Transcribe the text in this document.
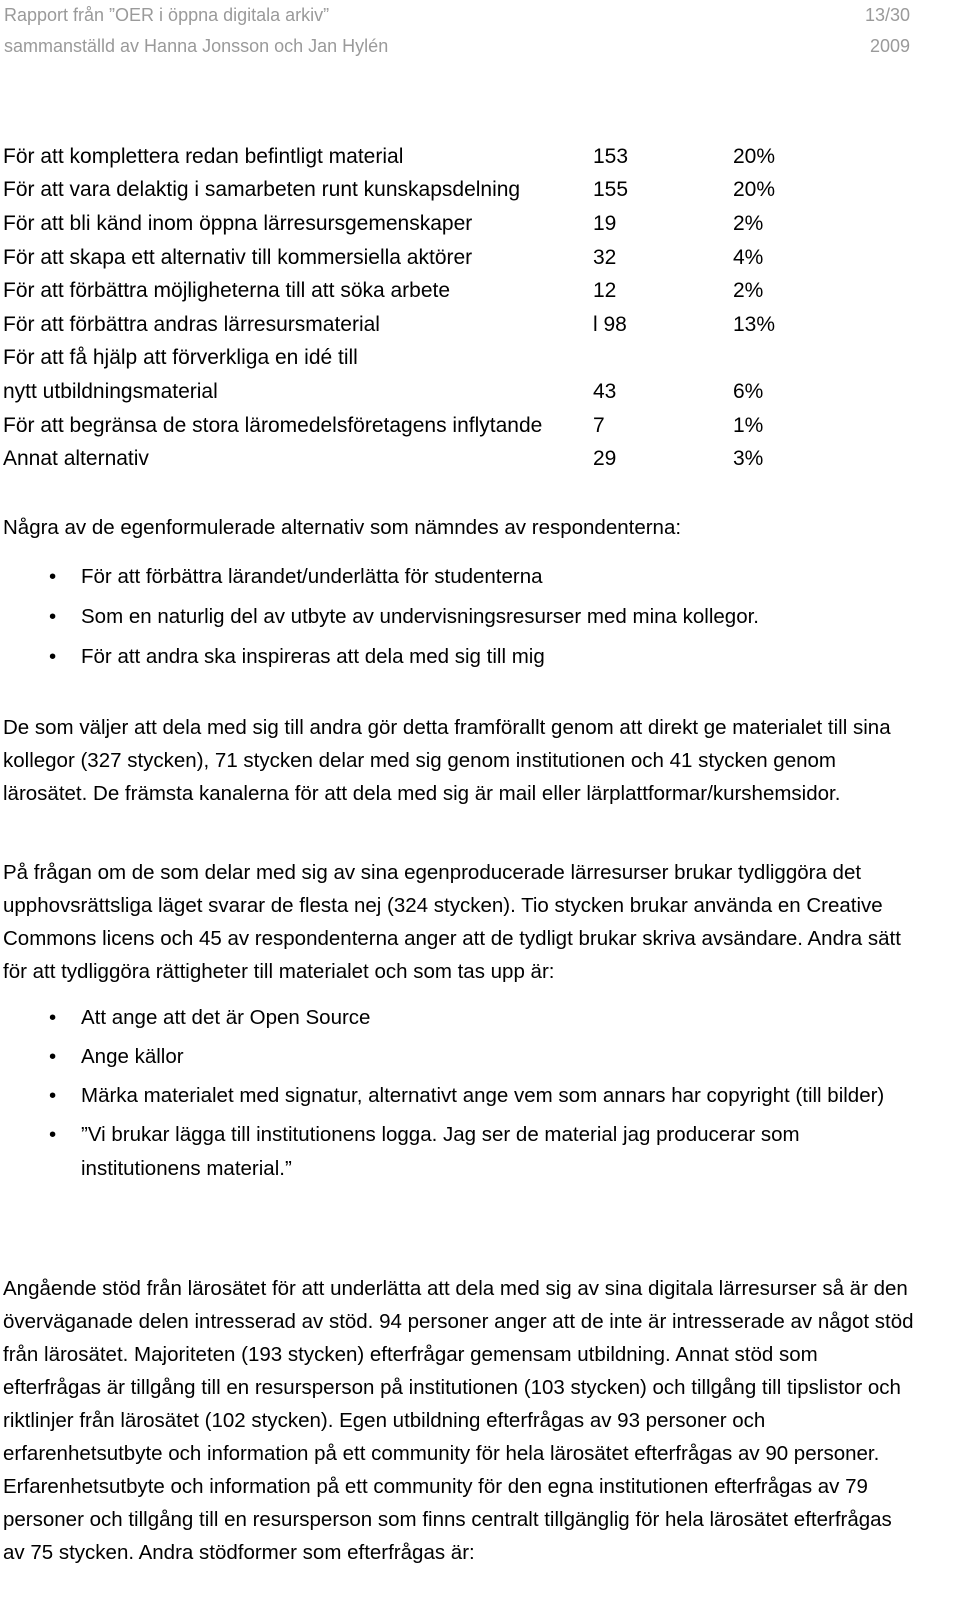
Rapport från ”OER i öppna digitala arkiv”
sammanställd av Hanna Jonsson och Jan Hylén
13/30
2009
För att komplettera redan befintligt material	153	20%
För att vara delaktig i samarbeten runt kunskapsdelning	155	20%
För att bli känd inom öppna lärresursgemenskaper	19	2%
För att skapa ett alternativ till kommersiella aktörer	32	4%
För att förbättra möjligheterna till att söka arbete	12	2%
För att förbättra andras lärresursmaterial	l 98	13%
För att få hjälp att förverkliga en idé till		
nytt utbildningsmaterial	43	6%
För att begränsa de stora läromedelsföretagens inflytande	7	1%
Annat alternativ	29	3%

Några av de egenformulerade alternativ som nämndes av respondenterna:

• För att förbättra lärandet/underlätta för studenterna
• Som en naturlig del av utbyte av undervisningsresurser med mina kollegor.
• För att andra ska inspireras att dela med sig till mig

De som väljer att dela med sig till andra gör detta framförallt genom att direkt ge materialet till sina kollegor (327 stycken), 71 stycken delar med sig genom institutionen och 41 stycken genom lärosätet. De främsta kanalerna för att dela med sig är mail eller lärplattformar/kurshemsidor.

På frågan om de som delar med sig av sina egenproducerade lärresurser brukar tydliggöra det upphovsrättsliga läget svarar de flesta nej (324 stycken). Tio stycken brukar använda en Creative Commons licens och 45 av respondenterna anger att de tydligt brukar skriva avsändare. Andra sätt för att tydliggöra rättigheter till materialet och som tas upp är:

• Att ange att det är Open Source
• Ange källor
• Märka materialet med signatur, alternativt ange vem som annars har copyright (till bilder)
• ”Vi brukar lägga till institutionens logga. Jag ser de material jag producerar som institutionens material.”

Angående stöd från lärosätet för att underlätta att dela med sig av sina digitala lärresurser så är den överväganade delen intresserad av stöd. 94 personer anger att de inte är intresserade av något stöd från lärosätet. Majoriteten (193 stycken) efterfrågar gemensam utbildning. Annat stöd som efterfrågas är tillgång till en resursperson på institutionen (103 stycken) och tillgång till tipslistor och riktlinjer från lärosätet (102 stycken). Egen utbildning efterfrågas av 93 personer och erfarenhetsutbyte och information på ett community för hela lärosätet efterfrågas av 90 personer. Erfarenhetsutbyte och information på ett community för den egna institutionen efterfrågas av 79 personer och tillgång till en resursperson som finns centralt tillgänglig för hela lärosätet efterfrågas av 75 stycken. Andra stödformer som efterfrågas är:
